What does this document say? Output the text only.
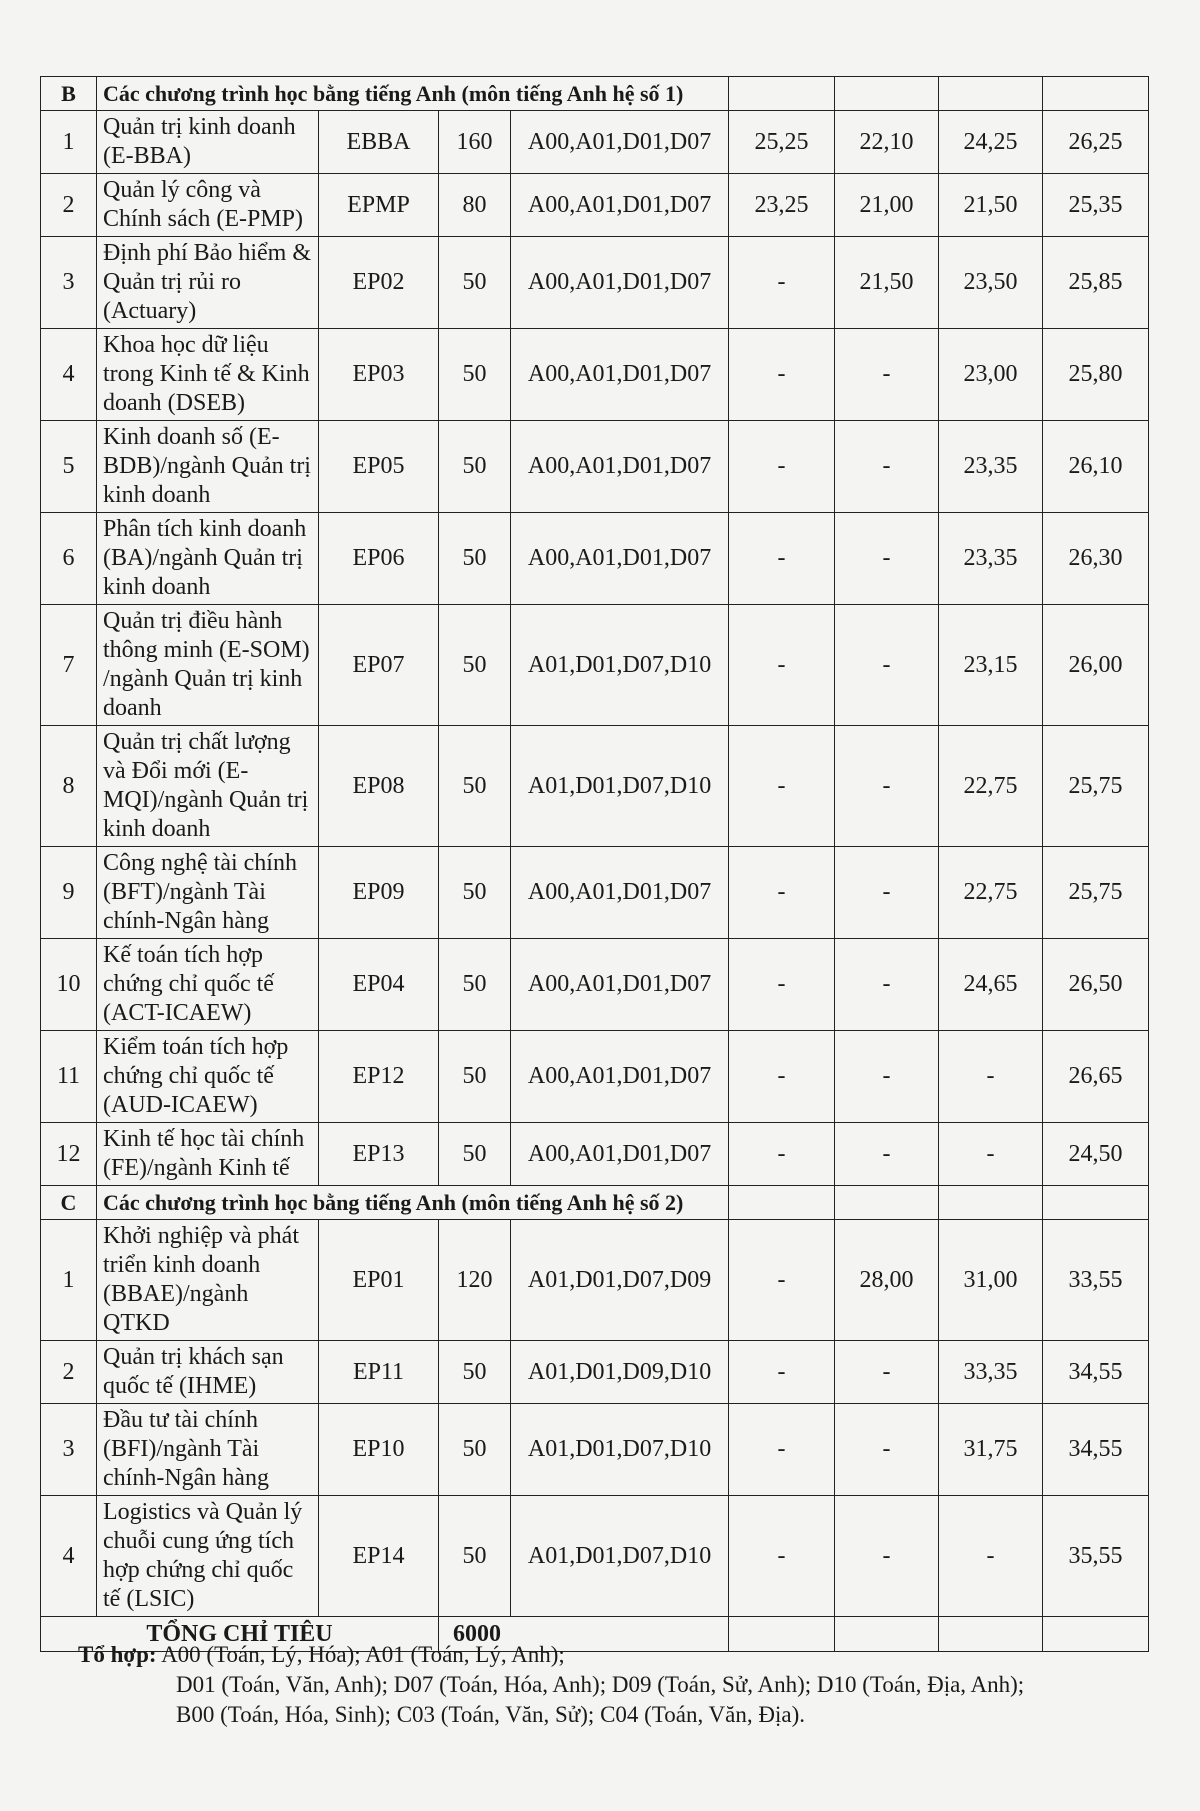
B	Các chương trình học bằng tiếng Anh (môn tiếng Anh hệ số 1)							
1	Quản trị kinh doanh (E-BBA)	EBBA	160	A00,A01,D01,D07	25,25	22,10	24,25	26,25
2	Quản lý công và Chính sách (E-PMP)	EPMP	80	A00,A01,D01,D07	23,25	21,00	21,50	25,35
3	Định phí Bảo hiểm & Quản trị rủi ro (Actuary)	EP02	50	A00,A01,D01,D07	-	21,50	23,50	25,85
4	Khoa học dữ liệu trong Kinh tế & Kinh doanh (DSEB)	EP03	50	A00,A01,D01,D07	-	-	23,00	25,80
5	Kinh doanh số (E-BDB)/ngành Quản trị kinh doanh	EP05	50	A00,A01,D01,D07	-	-	23,35	26,10
6	Phân tích kinh doanh (BA)/ngành Quản trị kinh doanh	EP06	50	A00,A01,D01,D07	-	-	23,35	26,30
7	Quản trị điều hành thông minh (E-SOM) /ngành Quản trị kinh doanh	EP07	50	A01,D01,D07,D10	-	-	23,15	26,00
8	Quản trị chất lượng và Đổi mới (E-MQI)/ngành Quản trị kinh doanh	EP08	50	A01,D01,D07,D10	-	-	22,75	25,75
9	Công nghệ tài chính (BFT)/ngành Tài chính-Ngân hàng	EP09	50	A00,A01,D01,D07	-	-	22,75	25,75
10	Kế toán tích hợp chứng chỉ quốc tế (ACT-ICAEW)	EP04	50	A00,A01,D01,D07	-	-	24,65	26,50
11	Kiểm toán tích hợp chứng chỉ quốc tế (AUD-ICAEW)	EP12	50	A00,A01,D01,D07	-	-	-	26,65
12	Kinh tế học tài chính (FE)/ngành Kinh tế	EP13	50	A00,A01,D01,D07	-	-	-	24,50
C	Các chương trình học bằng tiếng Anh (môn tiếng Anh hệ số 2)							
1	Khởi nghiệp và phát triển kinh doanh (BBAE)/ngành QTKD	EP01	120	A01,D01,D07,D09	-	28,00	31,00	33,55
2	Quản trị khách sạn quốc tế (IHME)	EP11	50	A01,D01,D09,D10	-	-	33,35	34,55
3	Đầu tư tài chính (BFI)/ngành Tài chính-Ngân hàng	EP10	50	A01,D01,D07,D10	-	-	31,75	34,55
4	Logistics và Quản lý chuỗi cung ứng tích hợp chứng chỉ quốc tế (LSIC)	EP14	50	A01,D01,D07,D10	-	-	-	35,55
TỔNG CHỈ TIÊU			6000					
Tổ hợp: A00 (Toán, Lý, Hóa); A01 (Toán, Lý, Anh);
D01 (Toán, Văn, Anh); D07 (Toán, Hóa, Anh); D09 (Toán, Sử, Anh); D10 (Toán, Địa, Anh);
B00 (Toán, Hóa, Sinh); C03 (Toán, Văn, Sử); C04 (Toán, Văn, Địa).
